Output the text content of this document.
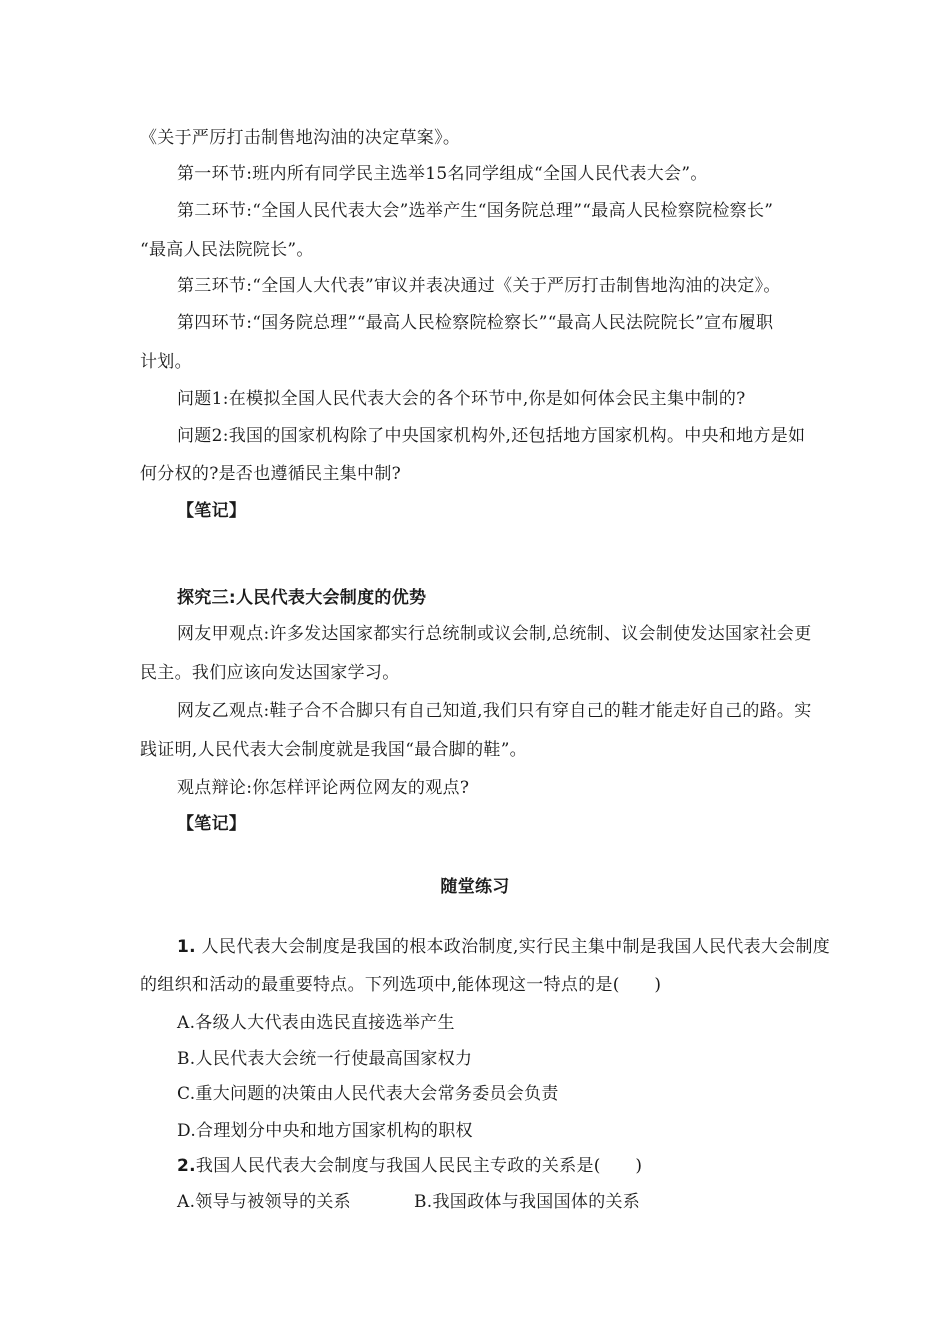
《关于严厉打击制售地沟油的决定草案》。
第一环节:班内所有同学民主选举15名同学组成“全国人民代表大会”。
第二环节:“全国人民代表大会”选举产生“国务院总理”“最高人民检察院检察长”
“最高人民法院院长”。
第三环节:“全国人大代表”审议并表决通过《关于严厉打击制售地沟油的决定》。
第四环节:“国务院总理”“最高人民检察院检察长”“最高人民法院院长”宣布履职
计划。
问题1:在模拟全国人民代表大会的各个环节中,你是如何体会民主集中制的?
问题2:我国的国家机构除了中央国家机构外,还包括地方国家机构。中央和地方是如
何分权的?是否也遵循民主集中制?
【笔记】
探究三:人民代表大会制度的优势
网友甲观点:许多发达国家都实行总统制或议会制,总统制、议会制使发达国家社会更
民主。我们应该向发达国家学习。
网友乙观点:鞋子合不合脚只有自己知道,我们只有穿自己的鞋才能走好自己的路。实
践证明,人民代表大会制度就是我国“最合脚的鞋”。
观点辩论:你怎样评论两位网友的观点?
【笔记】
随堂练习
1. 人民代表大会制度是我国的根本政治制度,实行民主集中制是我国人民代表大会制度
的组织和活动的最重要特点。下列选项中,能体现这一特点的是(　　)
A.各级人大代表由选民直接选举产生
B.人民代表大会统一行使最高国家权力
C.重大问题的决策由人民代表大会常务委员会负责
D.合理划分中央和地方国家机构的职权
2.我国人民代表大会制度与我国人民民主专政的关系是(　　)
A.领导与被领导的关系	B.我国政体与我国国体的关系
